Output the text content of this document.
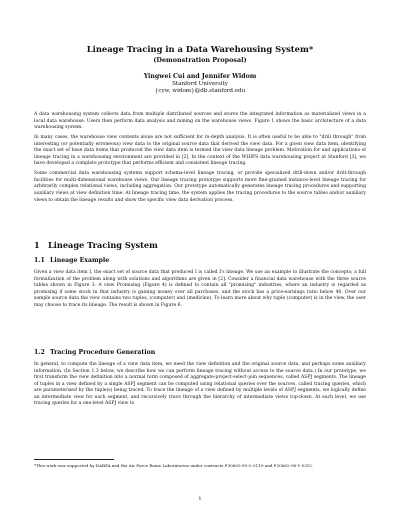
Lineage Tracing in a Data Warehousing System*
(Demonstration Proposal)
Yingwei Cui and Jennifer Widom
Stanford University
{cyw, widom}@db.stanford.edu

A data warehousing system collects data from multiple distributed sources and stores the integrated information as materialized views in a local data warehouse. Users then perform data analysis and mining on the warehouse views. Figure 1 shows the basic architecture of a data warehousing system.

In many cases, the warehouse view contents alone are not sufficient for in-depth analysis. It is often useful to be able to "drill through" from interesting (or potentially erroneous) view data to the original source data that derived the view data. For a given view data item, identifying the exact set of base data items that produced the view data item is termed the view data lineage problem. Motivation for and applications of lineage tracing in a warehousing environment are provided in [2]. In the context of the WHIPS data warehousing project at Stanford [3], we have developed a complete prototype that performs efficient and consistent lineage tracing.

Some commercial data warehousing systems support schema-level lineage tracing, or provide specialized drill-down and/or drill-through facilities for multi-dimensional warehouse views. Our lineage tracing prototype supports more fine-grained instance-level lineage tracing for arbitrarily complex relational views, including aggregation. Our prototype automatically generates lineage tracing procedures and supporting auxiliary views at view definition time. At lineage tracing time, the system applies the tracing procedures to the source tables and/or auxiliary views to obtain the lineage results and show the specific view data derivation process.

1 Lineage Tracing System
1.1 Lineage Example
Given a view data item I, the exact set of source data that produced I is called I's lineage. We use an example to illustrate the concepts; a full formalization of the problem along with solutions and algorithms are given in [2]. Consider a financial data warehouse with the three source tables shown in Figure 3. A view Promising (Figure 4) is defined to contain all "promising" industries, where an industry is regarded as promising if some stock in that industry is gaining money over all purchases, and the stock has a price-earnings ratio below 40. Over our sample source data the view contains two tuples, (computer) and (medicine). To learn more about why tuple (computer) is in the view, the user may choose to trace its lineage. The result is shown in Figure 6.
1.2 Tracing Procedure Generation
In general, to compute the lineage of a view data item, we need the view definition and the original source data, and perhaps some auxiliary information. (In Section 1.3 below, we describe how we can perform lineage tracing without access to the source data.) In our prototype, we first transform the view definition into a normal form composed of aggregate-project-select-join sequences, called ASPJ segments. The lineage of tuples in a view defined by a single ASPJ segment can be computed using relational queries over the sources, called tracing queries, which are parameterized by the tuple(s) being traced. To trace the lineage of a view defined by multiple levels of ASPJ segments, we logically define an intermediate view for each segment, and recursively trace through the hierarchy of intermediate views top-down. At each level, we use tracing queries for a one-level ASPJ view to
*This work was supported by DARPA and the Air Force Rome Laboratories under contracts F30602-95-C-0119 and F30602-96-1-0312.
1
